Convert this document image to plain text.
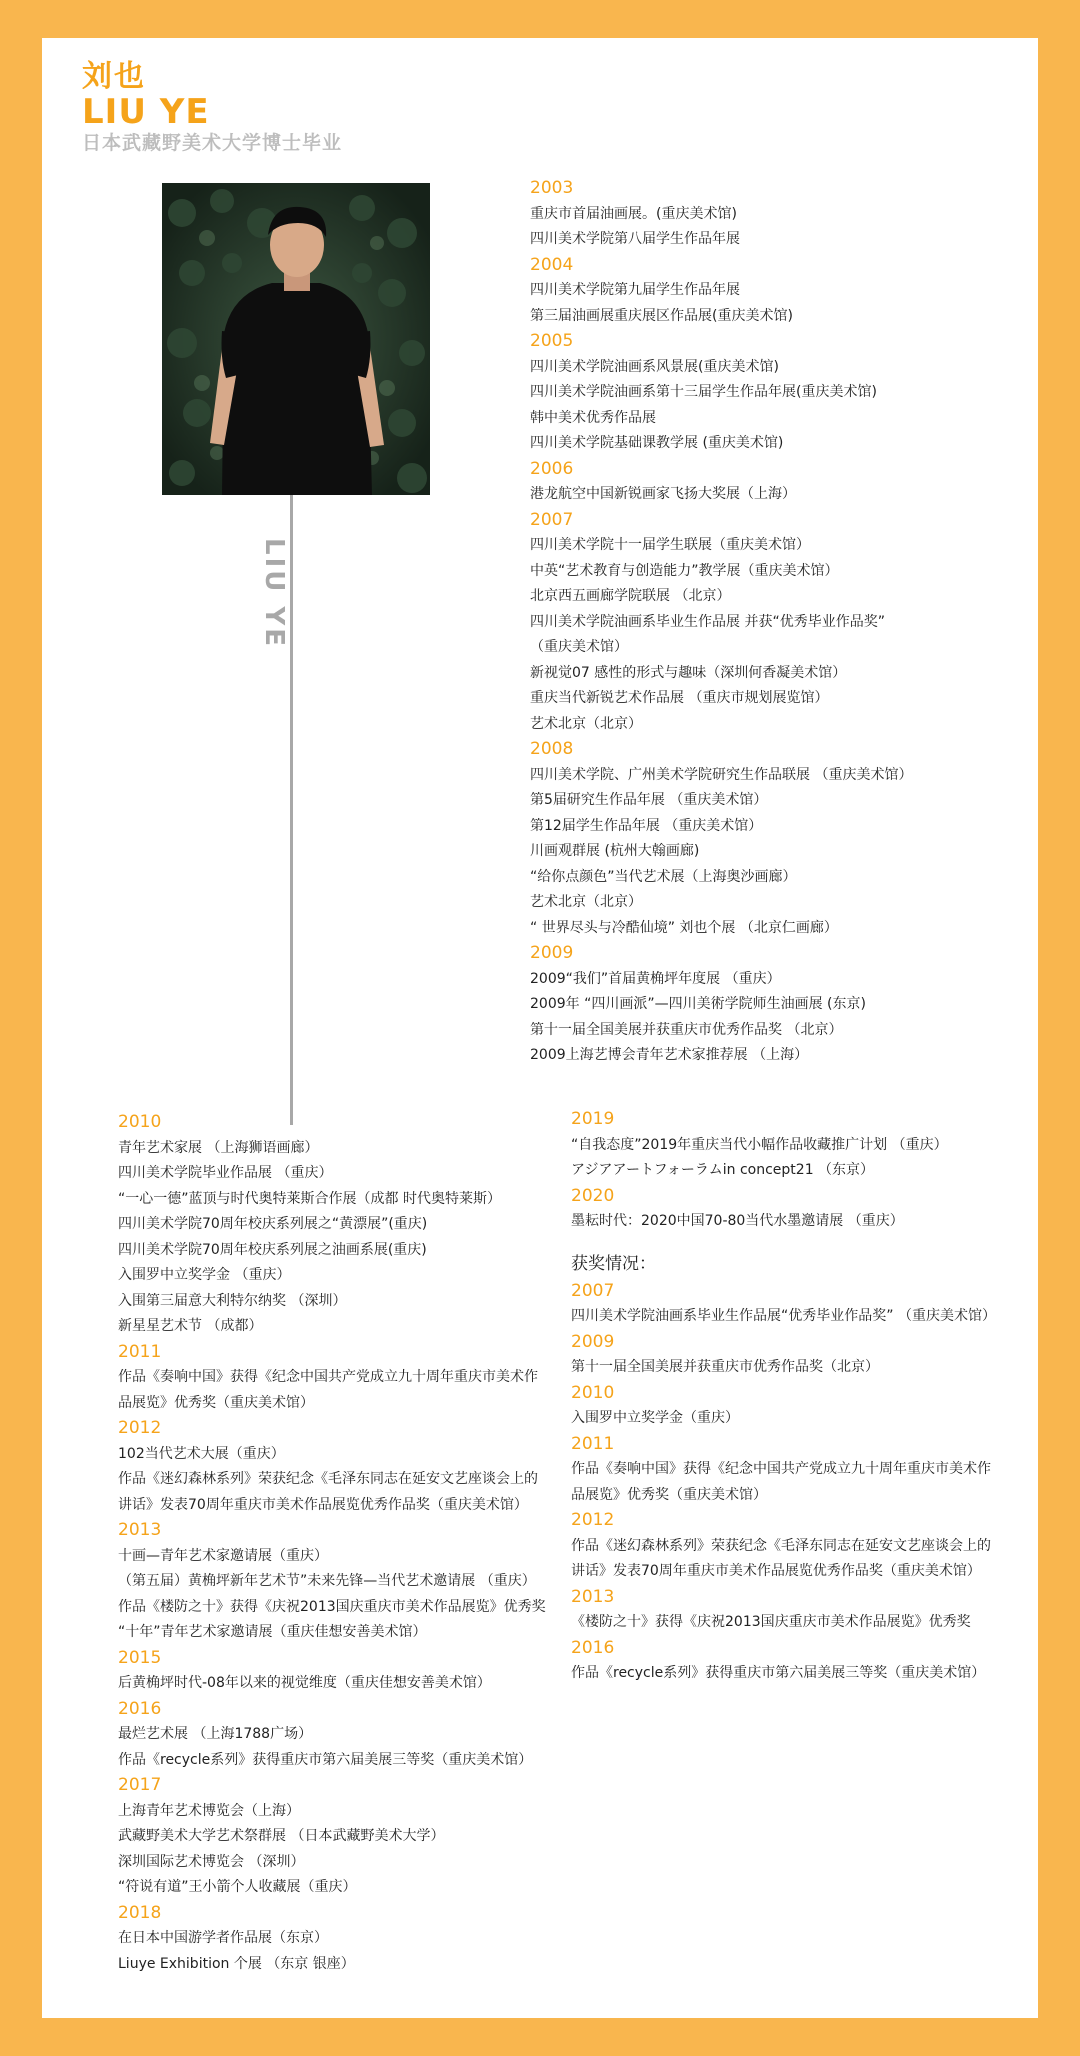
刘也
LIU YE
日本武藏野美术大学博士毕业
LIU YE
2003
重庆市首届油画展。(重庆美术馆)
四川美术学院第八届学生作品年展
2004
四川美术学院第九届学生作品年展
第三届油画展重庆展区作品展(重庆美术馆)
2005
四川美术学院油画系风景展(重庆美术馆)
四川美术学院油画系第十三届学生作品年展(重庆美术馆)
韩中美术优秀作品展
四川美术学院基础课教学展 (重庆美术馆)
2006
港龙航空中国新锐画家飞扬大奖展（上海）
2007
四川美术学院十一届学生联展（重庆美术馆）
中英“艺术教育与创造能力”教学展（重庆美术馆）
北京西五画廊学院联展 （北京）
四川美术学院油画系毕业生作品展 并获“优秀毕业作品奖”
（重庆美术馆）
新视觉07 感性的形式与趣味（深圳何香凝美术馆）
重庆当代新锐艺术作品展 （重庆市规划展览馆）
艺术北京（北京）
2008
四川美术学院、广州美术学院研究生作品联展 （重庆美术馆）
第5届研究生作品年展 （重庆美术馆）
第12届学生作品年展 （重庆美术馆）
川画观群展 (杭州大翰画廊)
“给你点颜色”当代艺术展（上海奥沙画廊）
艺术北京（北京）
“ 世界尽头与冷酷仙境” 刘也个展 （北京仁画廊）
2009
2009“我们”首届黄桷坪年度展 （重庆）
2009年 “四川画派”—四川美術学院师生油画展 (东京)
第十一届全国美展并获重庆市优秀作品奖 （北京）
2009上海艺博会青年艺术家推荐展 （上海）
2010
青年艺术家展 （上海狮语画廊）
四川美术学院毕业作品展 （重庆）
“一心一德”蓝顶与时代奥特莱斯合作展（成都 时代奥特莱斯）
四川美术学院70周年校庆系列展之“黄漂展”(重庆)
四川美术学院70周年校庆系列展之油画系展(重庆)
入围罗中立奖学金 （重庆）
入围第三届意大利特尔纳奖 （深圳）
新星星艺术节 （成都）
2011
作品《奏响中国》获得《纪念中国共产党成立九十周年重庆市美术作
品展览》优秀奖（重庆美术馆）
2012
102当代艺术大展（重庆）
作品《迷幻森林系列》荣获纪念《毛泽东同志在延安文艺座谈会上的
讲话》发表70周年重庆市美术作品展览优秀作品奖（重庆美术馆）
2013
十画—青年艺术家邀请展（重庆）
（第五届）黄桷坪新年艺术节”未来先锋—当代艺术邀请展 （重庆）
作品《楼防之十》获得《庆祝2013国庆重庆市美术作品展览》优秀奖
“十年”青年艺术家邀请展（重庆佳想安善美术馆）
2015
后黄桷坪时代-08年以来的视觉维度（重庆佳想安善美术馆）
2016
最烂艺术展 （上海1788广场）
作品《recycle系列》获得重庆市第六届美展三等奖（重庆美术馆）
2017
上海青年艺术博览会（上海）
武藏野美术大学艺术祭群展 （日本武藏野美术大学）
深圳国际艺术博览会 （深圳）
“符说有道”王小箭个人收藏展（重庆）
2018
在日本中国游学者作品展（东京）
Liuye Exhibition 个展 （东京 银座）
2019
“自我态度”2019年重庆当代小幅作品收藏推广计划 （重庆）
アジアアートフォーラムin concept21 （东京）
2020
墨耘时代：2020中国70-80当代水墨邀请展 （重庆）
获奖情况：
2007
四川美术学院油画系毕业生作品展“优秀毕业作品奖” （重庆美术馆）
2009
第十一届全国美展并获重庆市优秀作品奖（北京）
2010
入围罗中立奖学金（重庆）
2011
作品《奏响中国》获得《纪念中国共产党成立九十周年重庆市美术作
品展览》优秀奖（重庆美术馆）
2012
作品《迷幻森林系列》荣获纪念《毛泽东同志在延安文艺座谈会上的
讲话》发表70周年重庆市美术作品展览优秀作品奖（重庆美术馆）
2013
《楼防之十》获得《庆祝2013国庆重庆市美术作品展览》优秀奖
2016
作品《recycle系列》获得重庆市第六届美展三等奖（重庆美术馆）
